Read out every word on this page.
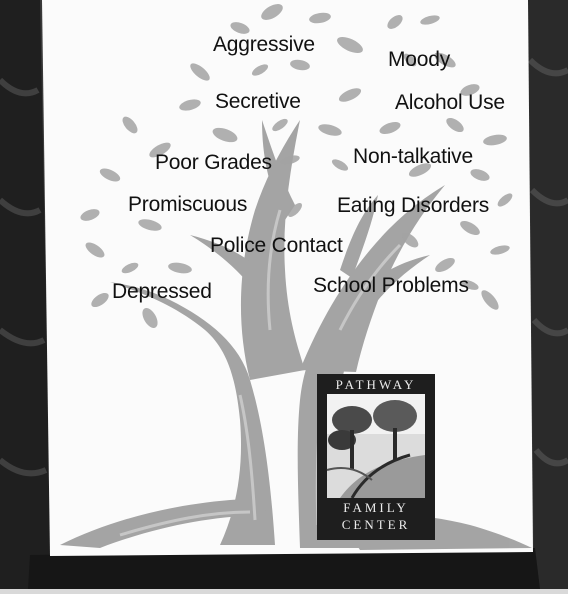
Aggressive
Moody
Secretive	Alcohol Use
Poor Grades	Non-talkative
Promiscuous	Eating Disorders
Police Contact
Depressed	School Problems
PATHWAY
FAMILY
CENTER
